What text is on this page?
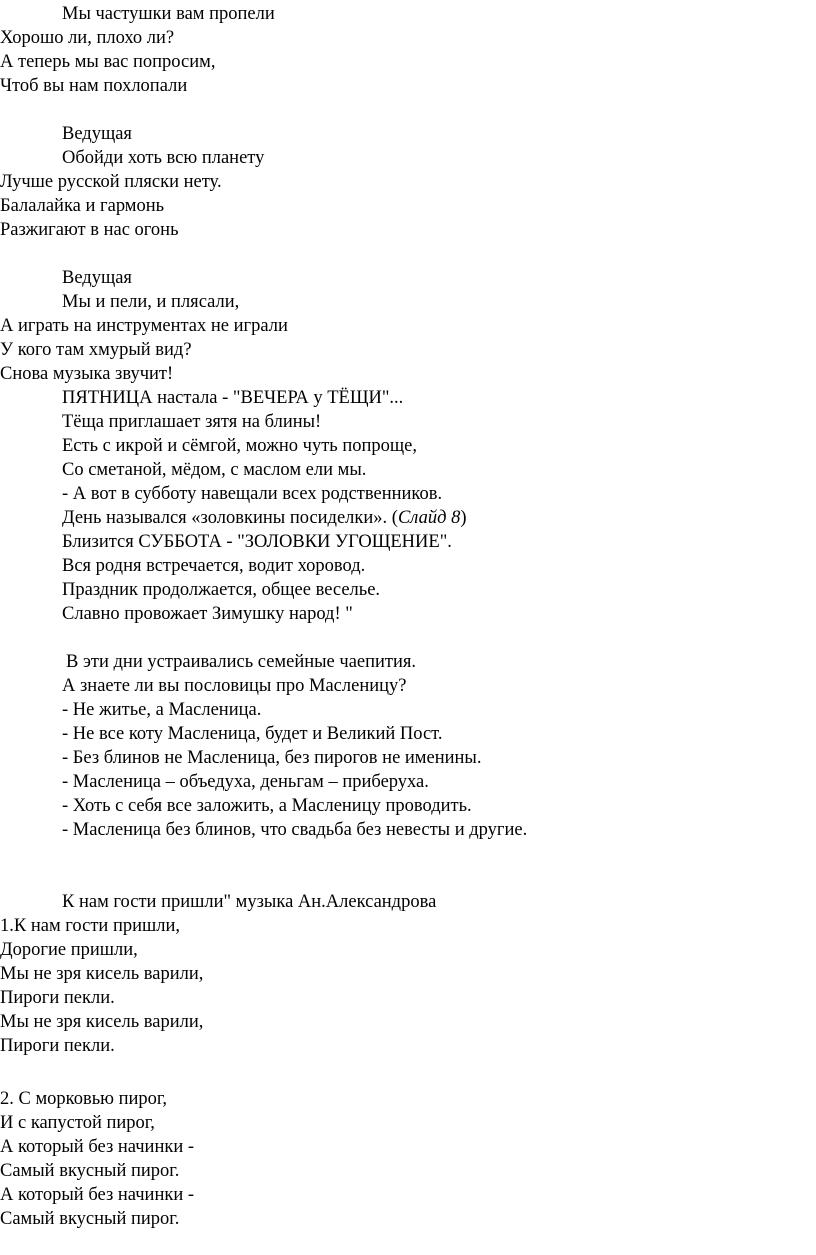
Мы частушки вам пропели
Хорошо ли, плохо ли?
А теперь мы вас попросим,
Чтоб вы нам похлопали
Ведущая
Обойди хоть всю планету
Лучше русской пляски нету.
Балалайка и гармонь
Разжигают в нас огонь
Ведущая
Мы и пели, и плясали,
А играть на инструментах не играли
У кого там хмурый вид?
Снова музыка звучит!
ПЯТНИЦА настала - "ВЕЧЕРА у ТЁЩИ"...
Тёща приглашает зятя на блины!
Есть с икрой и сёмгой, можно чуть попроще,
Со сметаной, мёдом, с маслом ели мы.
- А вот в субботу навещали всех родственников.
День назывался «золовкины посиделки». (Слайд 8)
Близится СУББОТА - "ЗОЛОВКИ УГОЩЕНИЕ".
Вся родня встречается, водит хоровод.
Праздник продолжается, общее веселье.
Славно провожает Зимушку народ! "
В эти дни устраивались семейные чаепития.
А знаете ли вы пословицы про Масленицу?
- Не житье, а Масленица.
- Не все коту Масленица, будет и Великий Пост.
- Без блинов не Масленица, без пирогов не именины.
- Масленица – объедуха, деньгам – приберуха.
- Хоть с себя все заложить, а Масленицу проводить.
- Масленица без блинов, что свадьба без невесты и другие.
К нам гости пришли" музыка Ан.Александрова
1.К нам гости пришли,
Дорогие пришли,
Мы не зря кисель варили,
Пироги пекли.
Мы не зря кисель варили,
Пироги пекли.
2. С морковью пирог,
И с капустой пирог,
А который без начинки -
Самый вкусный пирог.
А который без начинки -
Самый вкусный пирог.
